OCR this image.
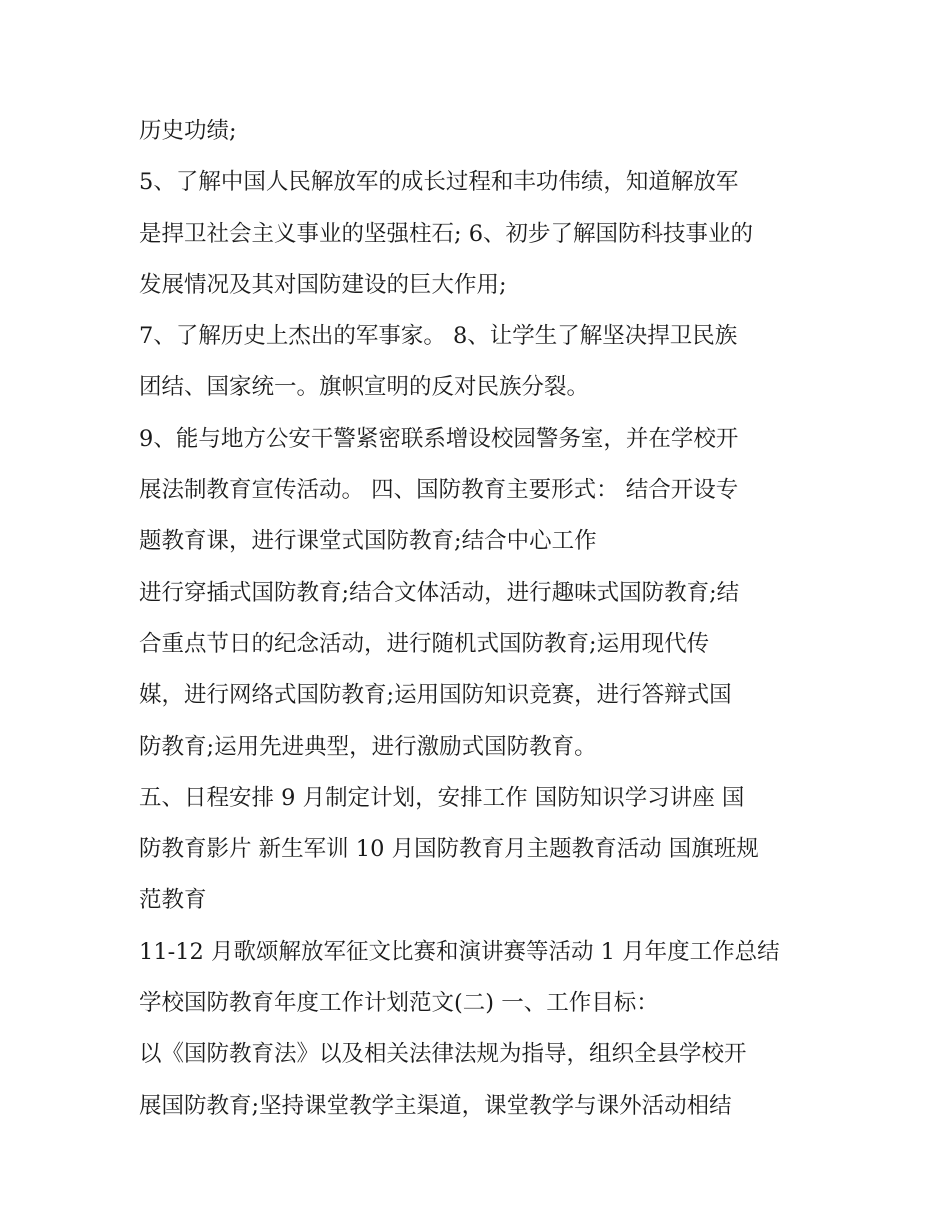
历史功绩;
5、了解中国人民解放军的成长过程和丰功伟绩，知道解放军
是捍卫社会主义事业的坚强柱石; 6、初步了解国防科技事业的
发展情况及其对国防建设的巨大作用;
7、了解历史上杰出的军事家。 8、让学生了解坚决捍卫民族
团结、国家统一。旗帜宣明的反对民族分裂。
9、能与地方公安干警紧密联系增设校园警务室，并在学校开
展法制教育宣传活动。 四、国防教育主要形式： 结合开设专
题教育课，进行课堂式国防教育;结合中心工作
进行穿插式国防教育;结合文体活动，进行趣味式国防教育;结
合重点节日的纪念活动，进行随机式国防教育;运用现代传
媒，进行网络式国防教育;运用国防知识竞赛，进行答辩式国
防教育;运用先进典型，进行激励式国防教育。
五、日程安排 9 月制定计划，安排工作 国防知识学习讲座 国
防教育影片 新生军训 10 月国防教育月主题教育活动 国旗班规
范教育
11-12 月歌颂解放军征文比赛和演讲赛等活动 1 月年度工作总结
学校国防教育年度工作计划范文(二) 一、工作目标：
以《国防教育法》以及相关法律法规为指导，组织全县学校开
展国防教育;坚持课堂教学主渠道，课堂教学与课外活动相结
